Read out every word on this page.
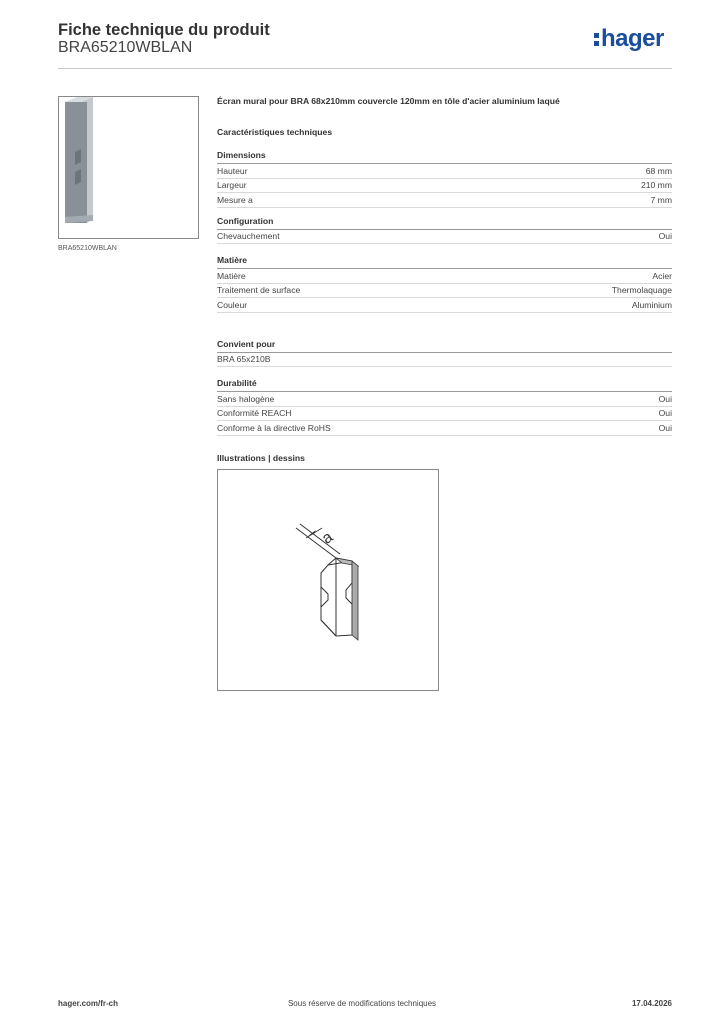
Fiche technique du produit
BRA65210WBLAN	hager
BRA65210WBLAN
Écran mural pour BRA 68x210mm couvercle 120mm en tôle d'acier aluminium laqué
Caractéristiques techniques
Dimensions
Hauteur	68 mm
Largeur	210 mm
Mesure a	7 mm
Configuration
Chevauchement	Oui
Matière
Matière	Acier
Traitement de surface	Thermolaquage
Couleur	Aluminium
Convient pour
BRA 65x210B
Durabilité
Sans halogène	Oui
Conformité REACH	Oui
Conforme à la directive RoHS	Oui
Illustrations | dessins
a
hager.com/fr-ch	Sous réserve de modifications techniques	17.04.2026
